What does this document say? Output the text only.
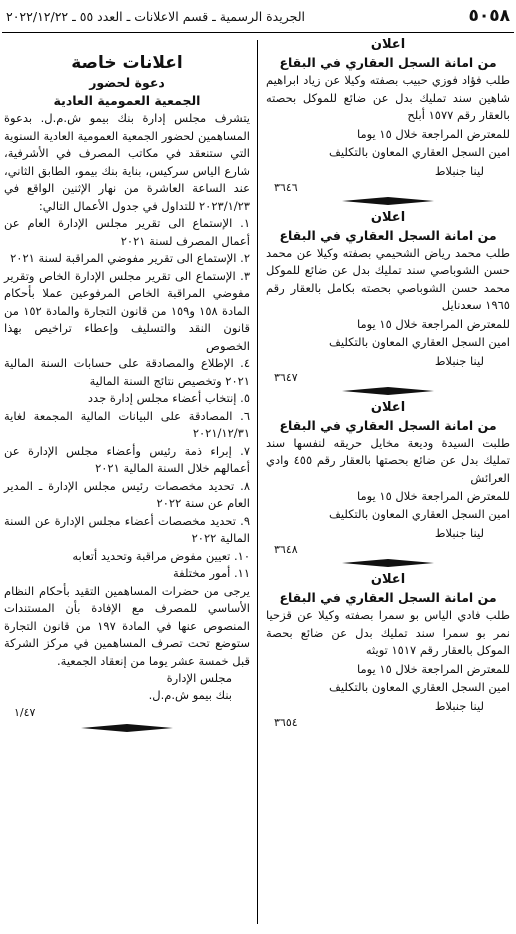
٥٠٥٨
الجريدة الرسمية ـ قسم الاعلانات ـ العدد ٥٥ ـ ٢٠٢٢/١٢/٢٢
اعلان
من امانة السجل العقاري في البقاع
طلب فؤاد فوزي حبيب بصفته وكيلا عن زياد ابراهيم شاهين سند تمليك بدل عن ضائع للموكل بحصته بالعقار رقم ١٥٧٧ أبلح
للمعترض المراجعة خلال ١٥ يوما
امين السجل العقاري المعاون بالتكليف
لينا جنبلاط
٣٦٤٦
اعلان
من امانة السجل العقاري في البقاع
طلب محمد رياض الشحيمي بصفته وكيلا عن محمد حسن الشوباصي سند تمليك بدل عن ضائع للموكل محمد حسن الشوباصي بحصته بكامل بالعقار رقم ١٩٦٥ سعدنايل
للمعترض المراجعة خلال ١٥ يوما
امين السجل العقاري المعاون بالتكليف
لينا جنبلاط
٣٦٤٧
اعلان
من امانة السجل العقاري في البقاع
طلبت السيدة وديعة مخايل حريقه لنفسها سند تمليك بدل عن ضائع بحصتها بالعقار رقم ٤٥٥ وادي العرائش
للمعترض المراجعة خلال ١٥ يوما
امين السجل العقاري المعاون بالتكليف
لينا جنبلاط
٣٦٤٨
اعلان
من امانة السجل العقاري في البقاع
طلب فادي الياس بو سمرا بصفته وكيلا عن قزحيا نمر بو سمرا سند تمليك بدل عن ضائع بحصة الموكل بالعقار رقم ١٥١٧ تويثه
للمعترض المراجعة خلال ١٥ يوما
امين السجل العقاري المعاون بالتكليف
لينا جنبلاط
٣٦٥٤
اعلانات خاصة
دعوة لحضور
الجمعية العمومية العادية
يتشرف مجلس إدارة بنك بيمو ش.م.ل. بدعوة المساهمين لحضور الجمعية العمومية العادية السنوية التي ستنعقد في مكاتب المصرف في الأشرفية، شارع الياس سركيس، بناية بنك بيمو، الطابق الثاني، عند الساعة العاشرة من نهار الإثنين الواقع في ٢٠٢٣/١/٢٣ للتداول في جدول الأعمال التالي:
١. الإستماع الى تقرير مجلس الإدارة العام عن أعمال المصرف لسنة ٢٠٢١
٢. الإستماع الى تقرير مفوضي المراقبة لسنة ٢٠٢١
٣. الإستماع الى تقرير مجلس الإدارة الخاص وتقرير مفوضي المراقبة الخاص المرفوعين عملا بأحكام المادة ١٥٨ و١٥٩ من قانون التجارة والمادة ١٥٢ من قانون النقد والتسليف وإعطاء تراخيص بهذا الخصوص
٤. الإطلاع والمصادقة على حسابات السنة المالية ٢٠٢١ وتخصيص نتائج السنة المالية
٥. إنتخاب أعضاء مجلس إدارة جدد
٦. المصادقة على البيانات المالية المجمعة لغاية ٢٠٢١/١٢/٣١
٧. إبراء ذمة رئيس وأعضاء مجلس الإدارة عن أعمالهم خلال السنة المالية ٢٠٢١
٨. تحديد مخصصات رئيس مجلس الإدارة ـ المدير العام عن سنة ٢٠٢٢
٩. تحديد مخصصات أعضاء مجلس الإدارة عن السنة المالية ٢٠٢٢
١٠. تعيين مفوض مراقبة وتحديد أتعابه
١١. أمور مختلفة
يرجى من حضرات المساهمين التقيد بأحكام النظام الأساسي للمصرف مع الإفادة بأن المستندات المنصوص عنها في المادة ١٩٧ من قانون التجارة ستوضع تحت تصرف المساهمين في مركز الشركة قبل خمسة عشر يوما من إنعقاد الجمعية.
مجلس الإدارة
بنك بيمو ش.م.ل.
١/٤٧
